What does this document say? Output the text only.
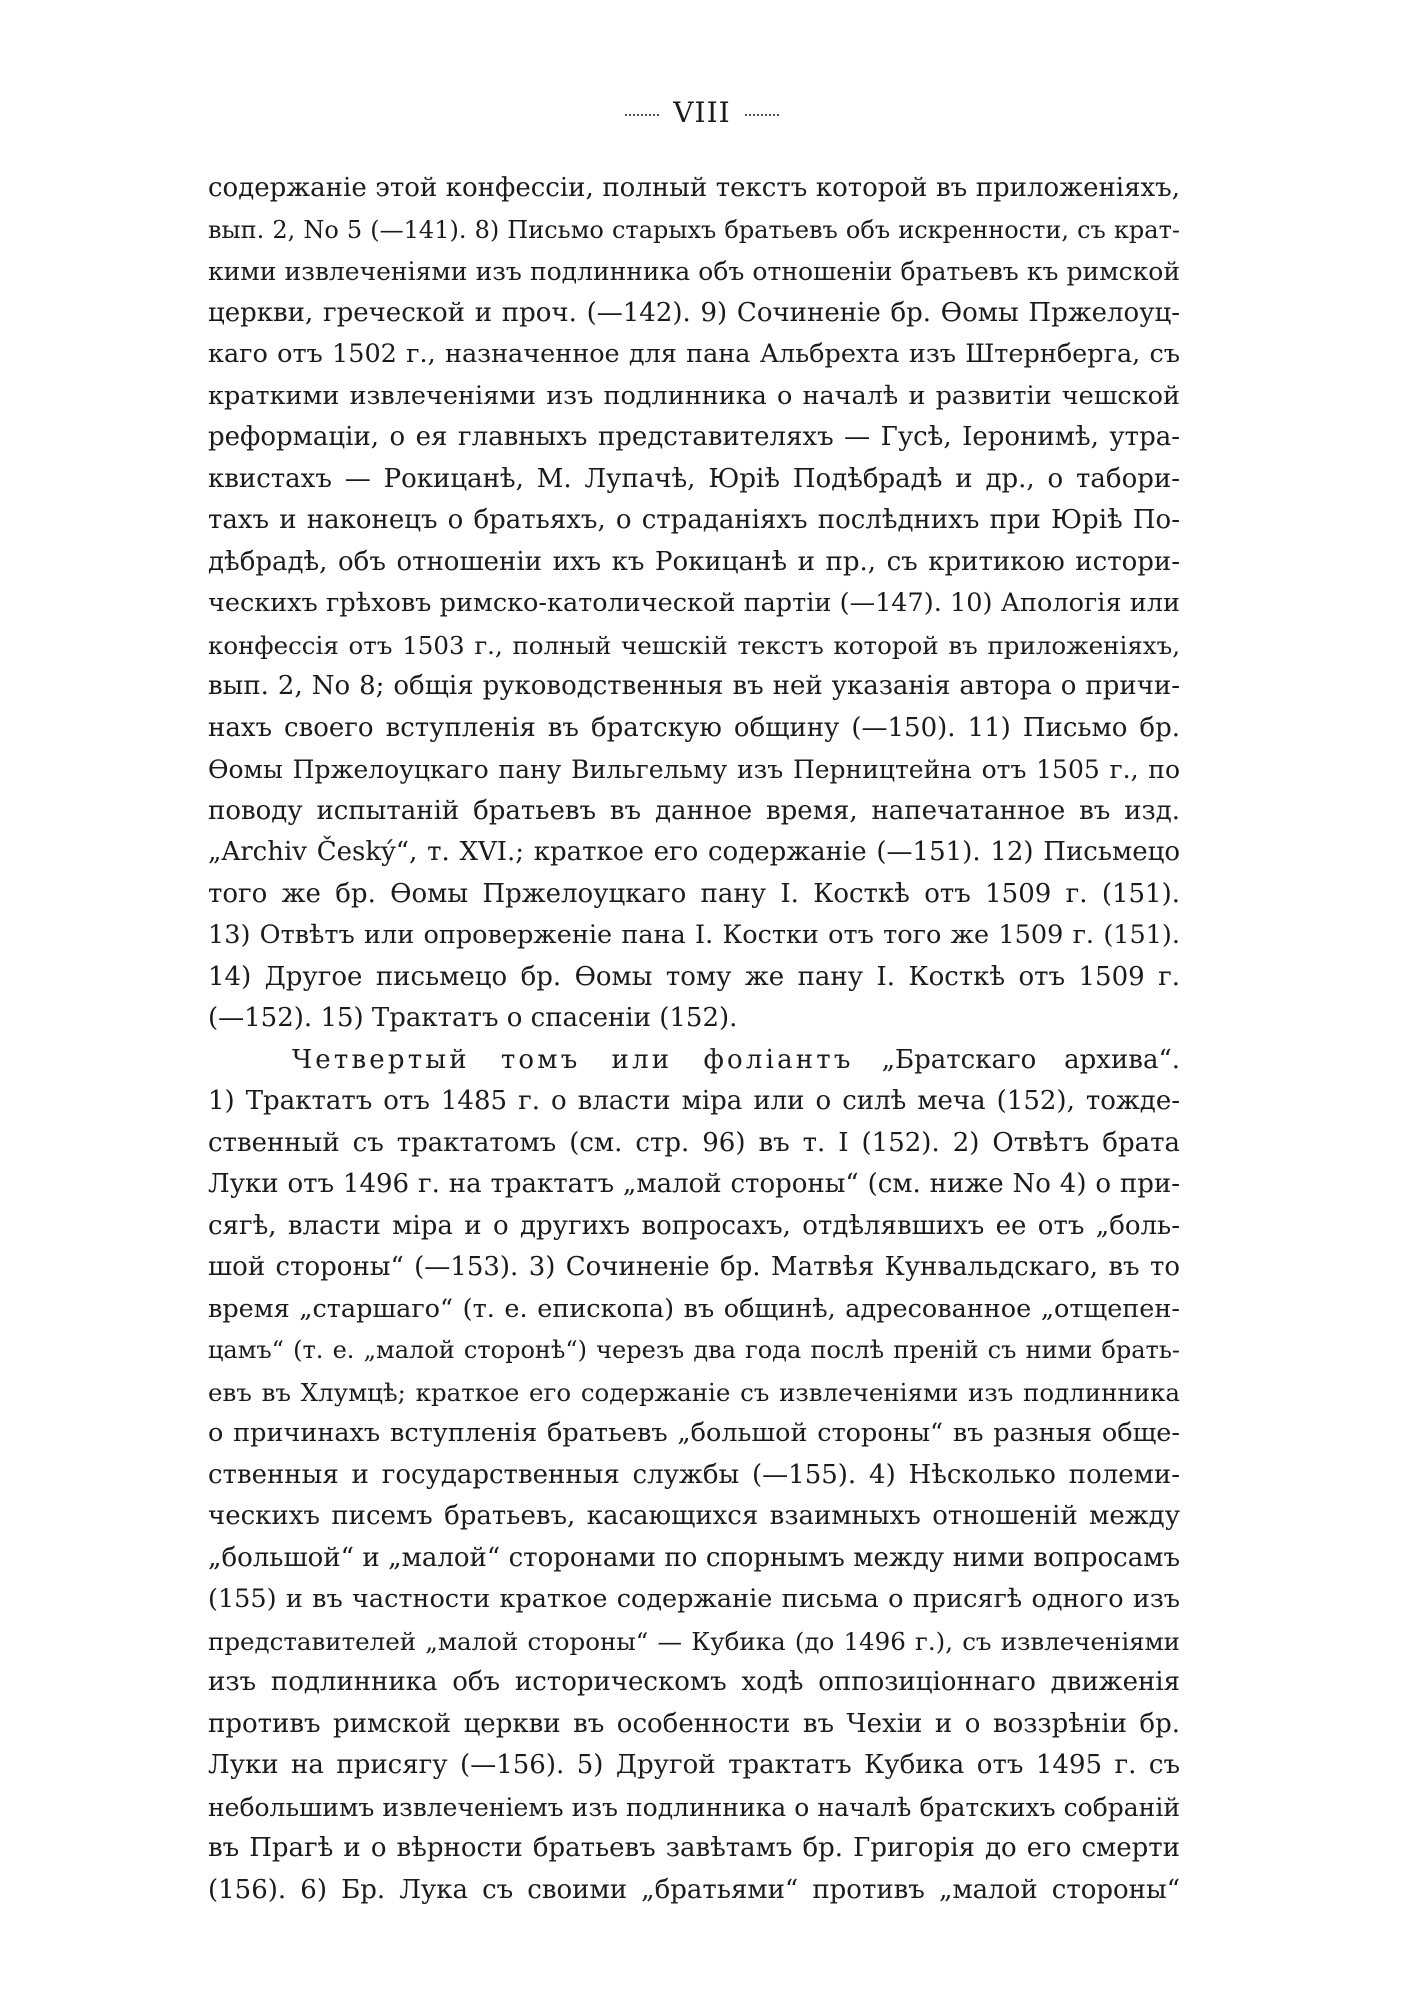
VIII
содержаніе этой конфессіи, полный текстъ которой въ приложеніяхъ,
вып. 2, No 5 (—141). 8) Письмо старыхъ братьевъ объ искренности, съ крат-
кими извлеченіями изъ подлинника объ отношеніи братьевъ къ римской
церкви, греческой и проч. (—142). 9) Сочиненіе бр. Ѳомы Пржелоуц-
каго отъ 1502 г., назначенное для пана Альбрехта изъ Штернберга, съ
краткими извлеченіями изъ подлинника о началѣ и развитіи чешской
реформаціи, о ея главныхъ представителяхъ — Гусѣ, Іеронимѣ, утра-
квистахъ — Рокицанѣ, М. Лупачѣ, Юріѣ Подѣбрадѣ и др., о табори-
тахъ и наконецъ о братьяхъ, о страданіяхъ послѣднихъ при Юріѣ По-
дѣбрадѣ, объ отношеніи ихъ къ Рокицанѣ и пр., съ критикою истори-
ческихъ грѣховъ римско-католической партіи (—147). 10) Апологія или
конфессія отъ 1503 г., полный чешскій текстъ которой въ приложеніяхъ,
вып. 2, No 8; общія руководственныя въ ней указанія автора о причи-
нахъ своего вступленія въ братскую общину (—150). 11) Письмо бр.
Ѳомы Пржелоуцкаго пану Вильгельму изъ Перництейна отъ 1505 г., по
поводу испытаній братьевъ въ данное время, напечатанное въ изд.
„Archiv Český“, т. XVI.; краткое его содержаніе (—151). 12) Письмецо
того же бр. Ѳомы Пржелоуцкаго пану І. Косткѣ отъ 1509 г. (151).
13) Отвѣтъ или опроверженіе пана І. Костки отъ того же 1509 г. (151).
14) Другое письмецо бр. Ѳомы тому же пану І. Косткѣ отъ 1509 г.
(—152). 15) Трактатъ о спасеніи (152).
Четвертый томъ или фоліантъ „Братскаго архива“.
1) Трактатъ отъ 1485 г. о власти міра или о силѣ меча (152), тожде-
ственный съ трактатомъ (см. стр. 96) въ т. I (152). 2) Отвѣтъ брата
Луки отъ 1496 г. на трактатъ „малой стороны“ (см. ниже No 4) о при-
сягѣ, власти міра и о другихъ вопросахъ, отдѣлявшихъ ее отъ „боль-
шой стороны“ (—153). 3) Сочиненіе бр. Матвѣя Кунвальдскаго, въ то
время „старшаго“ (т. е. епископа) въ общинѣ, адресованное „отщепен-
цамъ“ (т. е. „малой сторонѣ“) черезъ два года послѣ преній съ ними брать-
евъ въ Хлумцѣ; краткое его содержаніе съ извлеченіями изъ подлинника
о причинахъ вступленія братьевъ „большой стороны“ въ разныя обще-
ственныя и государственныя службы (—155). 4) Нѣсколько полеми-
ческихъ писемъ братьевъ, касающихся взаимныхъ отношеній между
„большой“ и „малой“ сторонами по спорнымъ между ними вопросамъ
(155) и въ частности краткое содержаніе письма о присягѣ одного изъ
представителей „малой стороны“ — Кубика (до 1496 г.), съ извлеченіями
изъ подлинника объ историческомъ ходѣ оппозиціоннаго движенія
противъ римской церкви въ особенности въ Чехіи и о воззрѣніи бр.
Луки на присягу (—156). 5) Другой трактатъ Кубика отъ 1495 г. съ
небольшимъ извлеченіемъ изъ подлинника о началѣ братскихъ собраній
въ Прагѣ и о вѣрности братьевъ завѣтамъ бр. Григорія до его смерти
(156). 6) Бр. Лука съ своими „братьями“ противъ „малой стороны“
